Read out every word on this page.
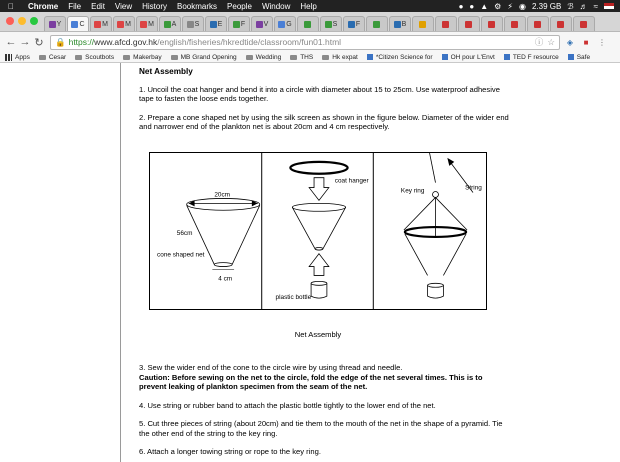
Chrome File Edit View History Bookmarks People Window Help	● ● ▲ ⚙ ⚡ ◉ 2.39 GB ℬ ♬ ≈
Y	C	M M M	A	S	E	F	V	G	S	F	B
← → ↻ 🔒 https://www.afcd.gov.hk/english/fisheries/hkredtide/classroom/fun01.html	ⓘ ☆	◈	■	⋮
Apps	Cesar	Scoutbots	Makerbay	MB Grand Opening	Wedding	THS	Hk expat	*Citizen Science for	OH pour L'Envt	TED F resource	Safe
Net Assembly

1. Uncoil the coat hanger and bend it into a circle with diameter about 15 to 25cm. Use waterproof adhesive tape to fasten the loose ends together.

2. Prepare a cone shaped net by using the silk screen as shown in the figure below. Diameter of the wider end and narrower end of the plankton net is about 20cm and 4 cm respectively.

20cm
56cm
cone shaped net
4 cm
coat hanger
plastic bottle
Key ring	String
Net Assembly

3. Sew the wider end of the cone to the circle wire by using thread and needle.

Caution: Before sewing on the net to the circle, fold the edge of the net several times. This is to prevent leaking of plankton specimen from the seam of the net.

4. Use string or rubber band to attach the plastic bottle tightly to the lower end of the net.

5. Cut three pieces of string (about 20cm) and tie them to the mouth of the net in the shape of a pyramid. Tie the other end of the string to the key ring.

6. Attach a longer towing string or rope to the key ring.
